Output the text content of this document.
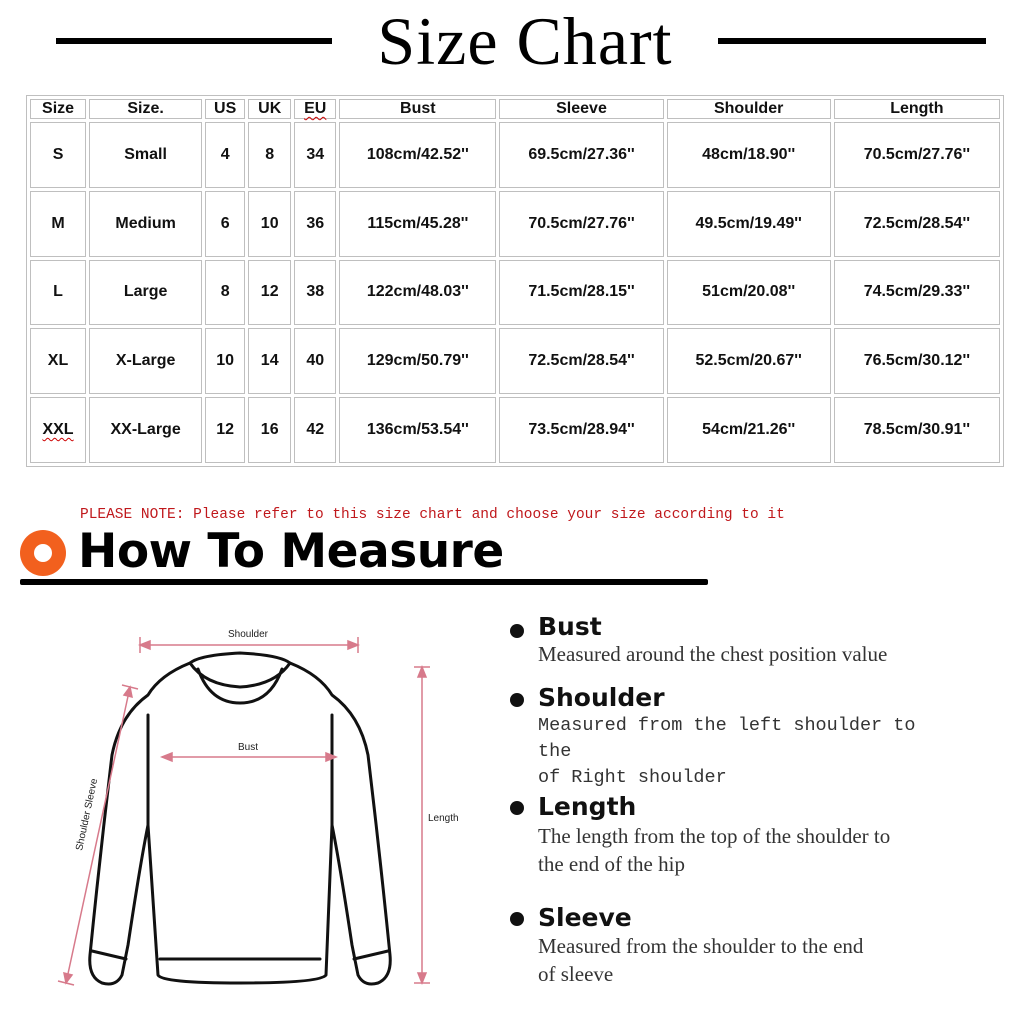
Size Chart
Size	Size.	US	UK	EU	Bust	Sleeve	Shoulder	Length
S	Small	4	8	34	108cm/42.52''	69.5cm/27.36''	48cm/18.90''	70.5cm/27.76''
M	Medium	6	10	36	115cm/45.28''	70.5cm/27.76''	49.5cm/19.49''	72.5cm/28.54''
L	Large	8	12	38	122cm/48.03''	71.5cm/28.15''	51cm/20.08''	74.5cm/29.33''
XL	X-Large	10	14	40	129cm/50.79''	72.5cm/28.54''	52.5cm/20.67''	76.5cm/30.12''
XXL	XX-Large	12	16	42	136cm/53.54''	73.5cm/28.94''	54cm/21.26''	78.5cm/30.91''
PLEASE NOTE: Please refer to this size chart and choose your size according to it
How To Measure
Shoulder
Bust
Length
Shoulder Sleeve
Bust
Measured around the chest position value
Shoulder
Measured from the left shoulder to the
of Right shoulder
Length
The length from the top of the shoulder to
the end of the hip
Sleeve
Measured from the shoulder to the end
of sleeve
